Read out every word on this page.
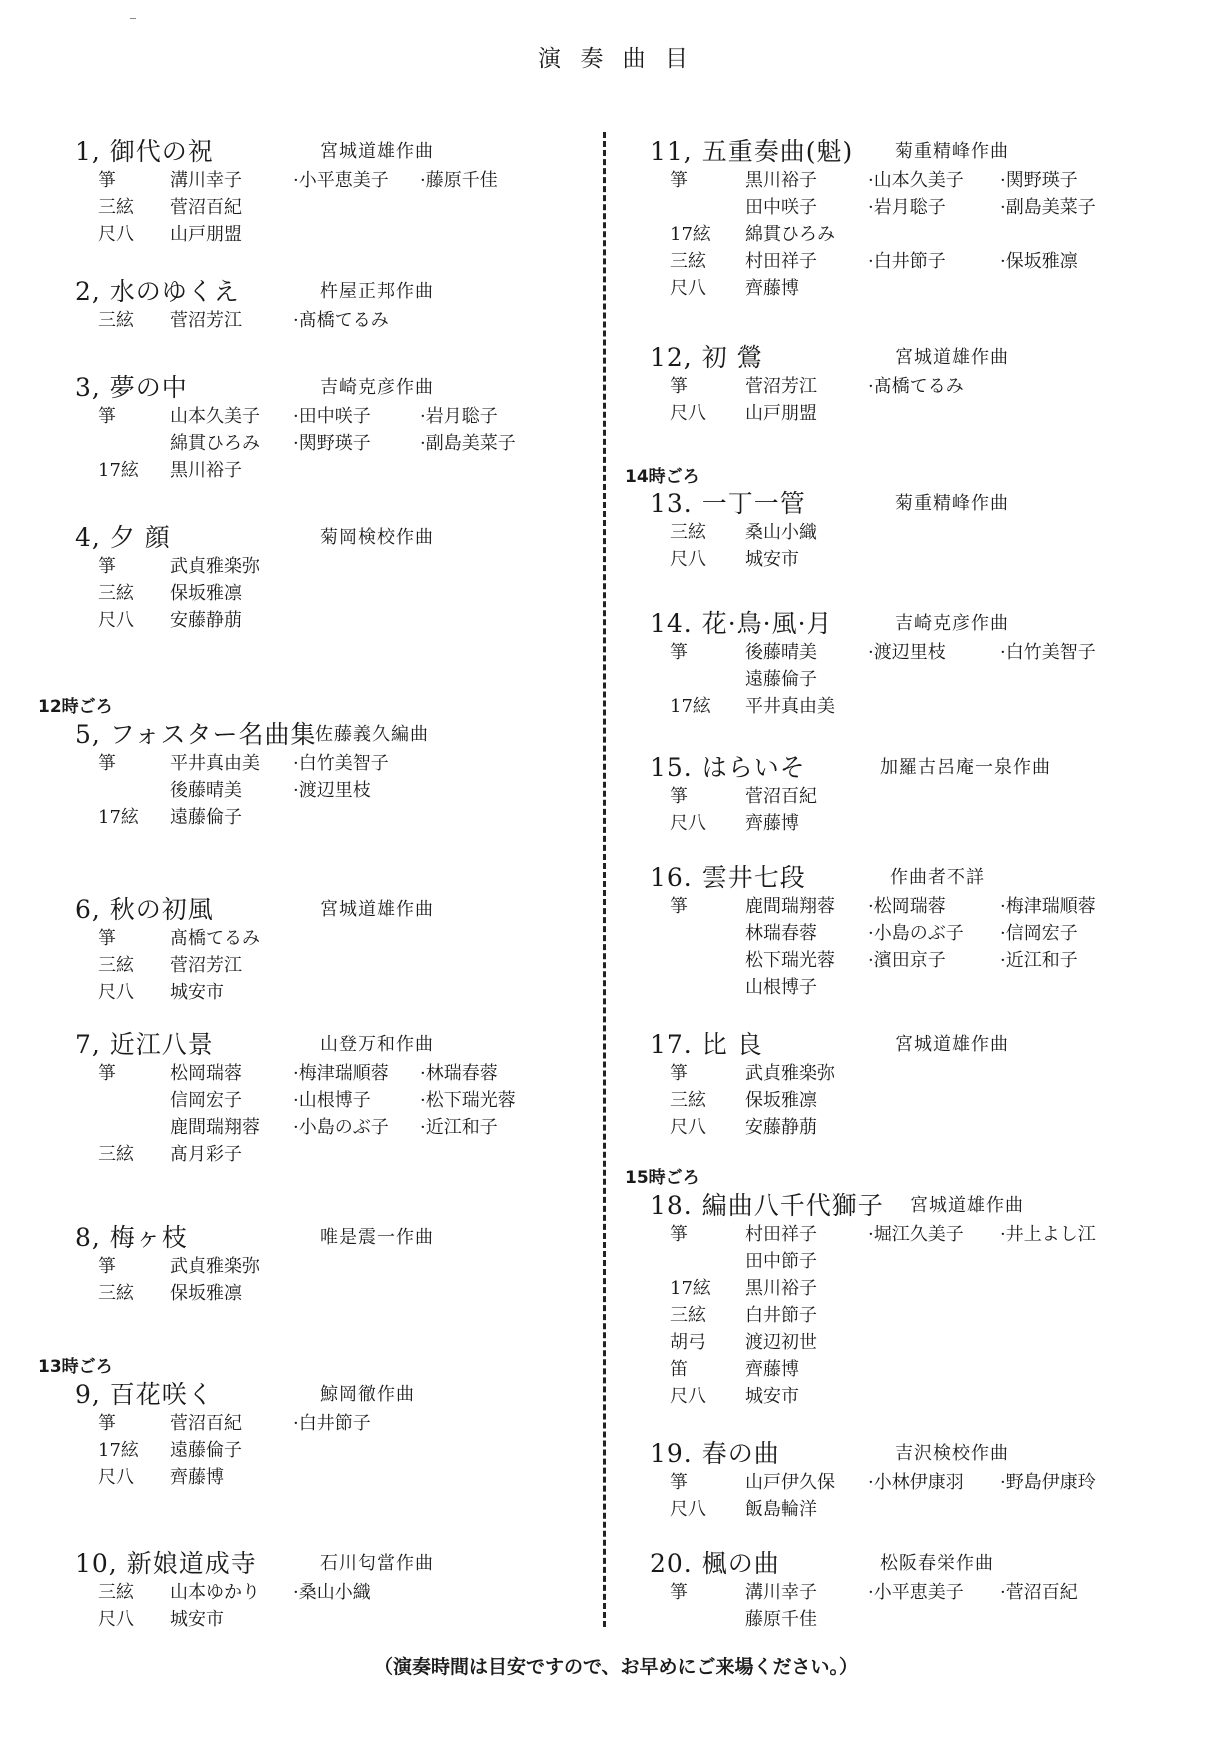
演 奏 曲 目
1, 御代の祝	宮城道雄作曲
箏	溝川幸子	·小平恵美子 ·藤原千佳
三絃 菅沼百紀
尺八 山戸朋盟
2, 水のゆくえ	杵屋正邦作曲
三絃 菅沼芳江	·髙橋てるみ
3, 夢の中	吉崎克彦作曲
箏	山本久美子 ·田中咲子	·岩月聡子
綿貫ひろみ ·関野瑛子	·副島美菜子
17絃 黒川裕子
4, 夕 顔	菊岡検校作曲
箏	武貞雅楽弥
三絃 保坂雅凛
尺八 安藤静萠
5, フォスター名曲集
佐藤義久編曲
箏	平井真由美 ·白竹美智子
後藤晴美	·渡辺里枝
17絃 遠藤倫子
6, 秋の初風	宮城道雄作曲
箏	髙橋てるみ
三絃 菅沼芳江
尺八 城安市
7, 近江八景	山登万和作曲
箏	松岡瑞蓉	·梅津瑞順蓉 ·林瑞春蓉
信岡宏子	·山根博子	·松下瑞光蓉
鹿間瑞翔蓉 ·小島のぶ子 ·近江和子
三絃 髙月彩子
8, 梅ヶ枝	唯是震一作曲
箏	武貞雅楽弥
三絃 保坂雅凛
9, 百花咲く	鯨岡徹作曲
箏	菅沼百紀	·白井節子
17絃 遠藤倫子
尺八 齊藤博
10, 新娘道成寺	石川匂當作曲
三絃 山本ゆかり ·桑山小織
尺八 城安市
11, 五重奏曲(魁) 菊重精峰作曲
箏	黒川裕子	·山本久美子 ·関野瑛子
田中咲子	·岩月聡子	·副島美菜子
17絃 綿貫ひろみ
三絃 村田祥子	·白井節子	·保坂雅凛
尺八 齊藤博
12, 初 鶯	宮城道雄作曲
箏	菅沼芳江	·髙橋てるみ
尺八 山戸朋盟
13. 一丁一管	菊重精峰作曲
三絃 桑山小織
尺八 城安市
14. 花·鳥·風·月	吉崎克彦作曲
箏	後藤晴美	·渡辺里枝	·白竹美智子
遠藤倫子
17絃 平井真由美
15. はらいそ	加羅古呂庵一泉作曲
箏	菅沼百紀
尺八 齊藤博
16. 雲井七段	作曲者不詳
箏	鹿間瑞翔蓉 ·松岡瑞蓉	·梅津瑞順蓉
林瑞春蓉	·小島のぶ子 ·信岡宏子
松下瑞光蓉 ·濱田京子	·近江和子
山根博子
17. 比 良	宮城道雄作曲
箏	武貞雅楽弥
三絃 保坂雅凛
尺八 安藤静萠
18. 編曲八千代獅子 宮城道雄作曲
箏	村田祥子	·堀江久美子 ·井上よし江
田中節子
17絃 黒川裕子
三絃 白井節子
胡弓 渡辺初世
笛	齊藤博
尺八 城安市
19. 春の曲	吉沢検校作曲
箏	山戸伊久保 ·小林伊康羽 ·野島伊康玲
尺八 飯島輪洋
20. 楓の曲	松阪春栄作曲
箏	溝川幸子	·小平恵美子 ·菅沼百紀
藤原千佳
12時ごろ
13時ごろ
14時ごろ
15時ごろ
（演奏時間は目安ですので、お早めにご来場ください。）
